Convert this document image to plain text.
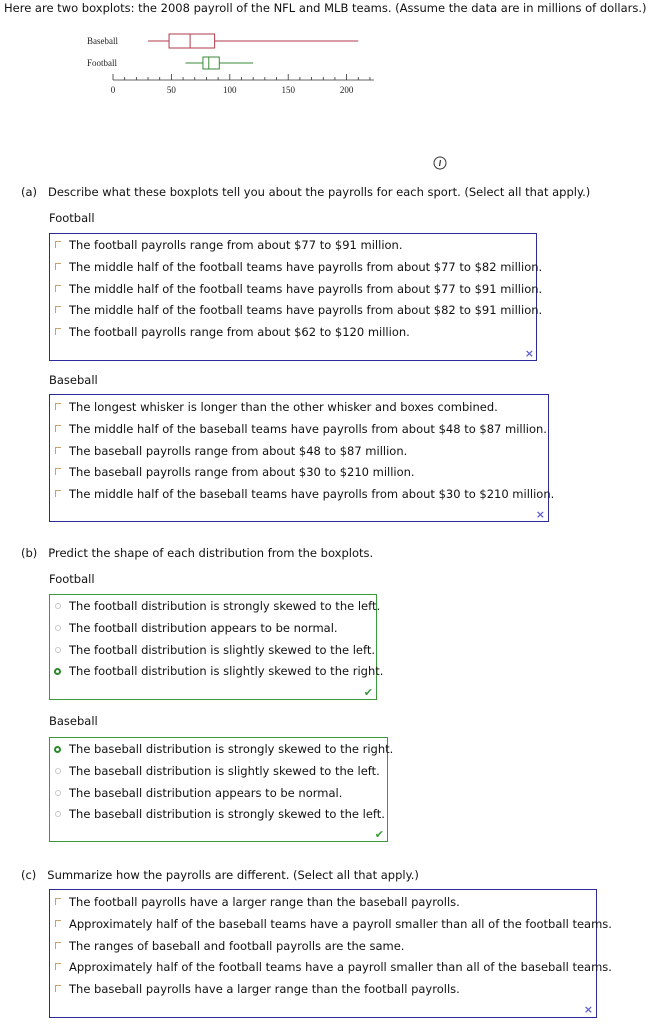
Here are two boxplots: the 2008 payroll of the NFL and MLB teams. (Assume the data are in millions of dollars.)
Baseball
Football
0	50	100	150	200
(a) Describe what these boxplots tell you about the payrolls for each sport. (Select all that apply.)
Football
The football payrolls range from about $77 to $91 million.
The middle half of the football teams have payrolls from about $77 to $82 million.
The middle half of the football teams have payrolls from about $77 to $91 million.
The middle half of the football teams have payrolls from about $82 to $91 million.
The football payrolls range from about $62 to $120 million.
×
Baseball
The longest whisker is longer than the other whisker and boxes combined.
The middle half of the baseball teams have payrolls from about $48 to $87 million.
The baseball payrolls range from about $48 to $87 million.
The baseball payrolls range from about $30 to $210 million.
The middle half of the baseball teams have payrolls from about $30 to $210 million.
×
(b) Predict the shape of each distribution from the boxplots.
Football
The football distribution is strongly skewed to the left.
The football distribution appears to be normal.
The football distribution is slightly skewed to the left.
The football distribution is slightly skewed to the right.
✔
Baseball
The baseball distribution is strongly skewed to the right.
The baseball distribution is slightly skewed to the left.
The baseball distribution appears to be normal.
The baseball distribution is strongly skewed to the left.
✔
(c) Summarize how the payrolls are different. (Select all that apply.)
The football payrolls have a larger range than the baseball payrolls.
Approximately half of the baseball teams have a payroll smaller than all of the football teams.
The ranges of baseball and football payrolls are the same.
Approximately half of the football teams have a payroll smaller than all of the baseball teams.
The baseball payrolls have a larger range than the football payrolls.
×
